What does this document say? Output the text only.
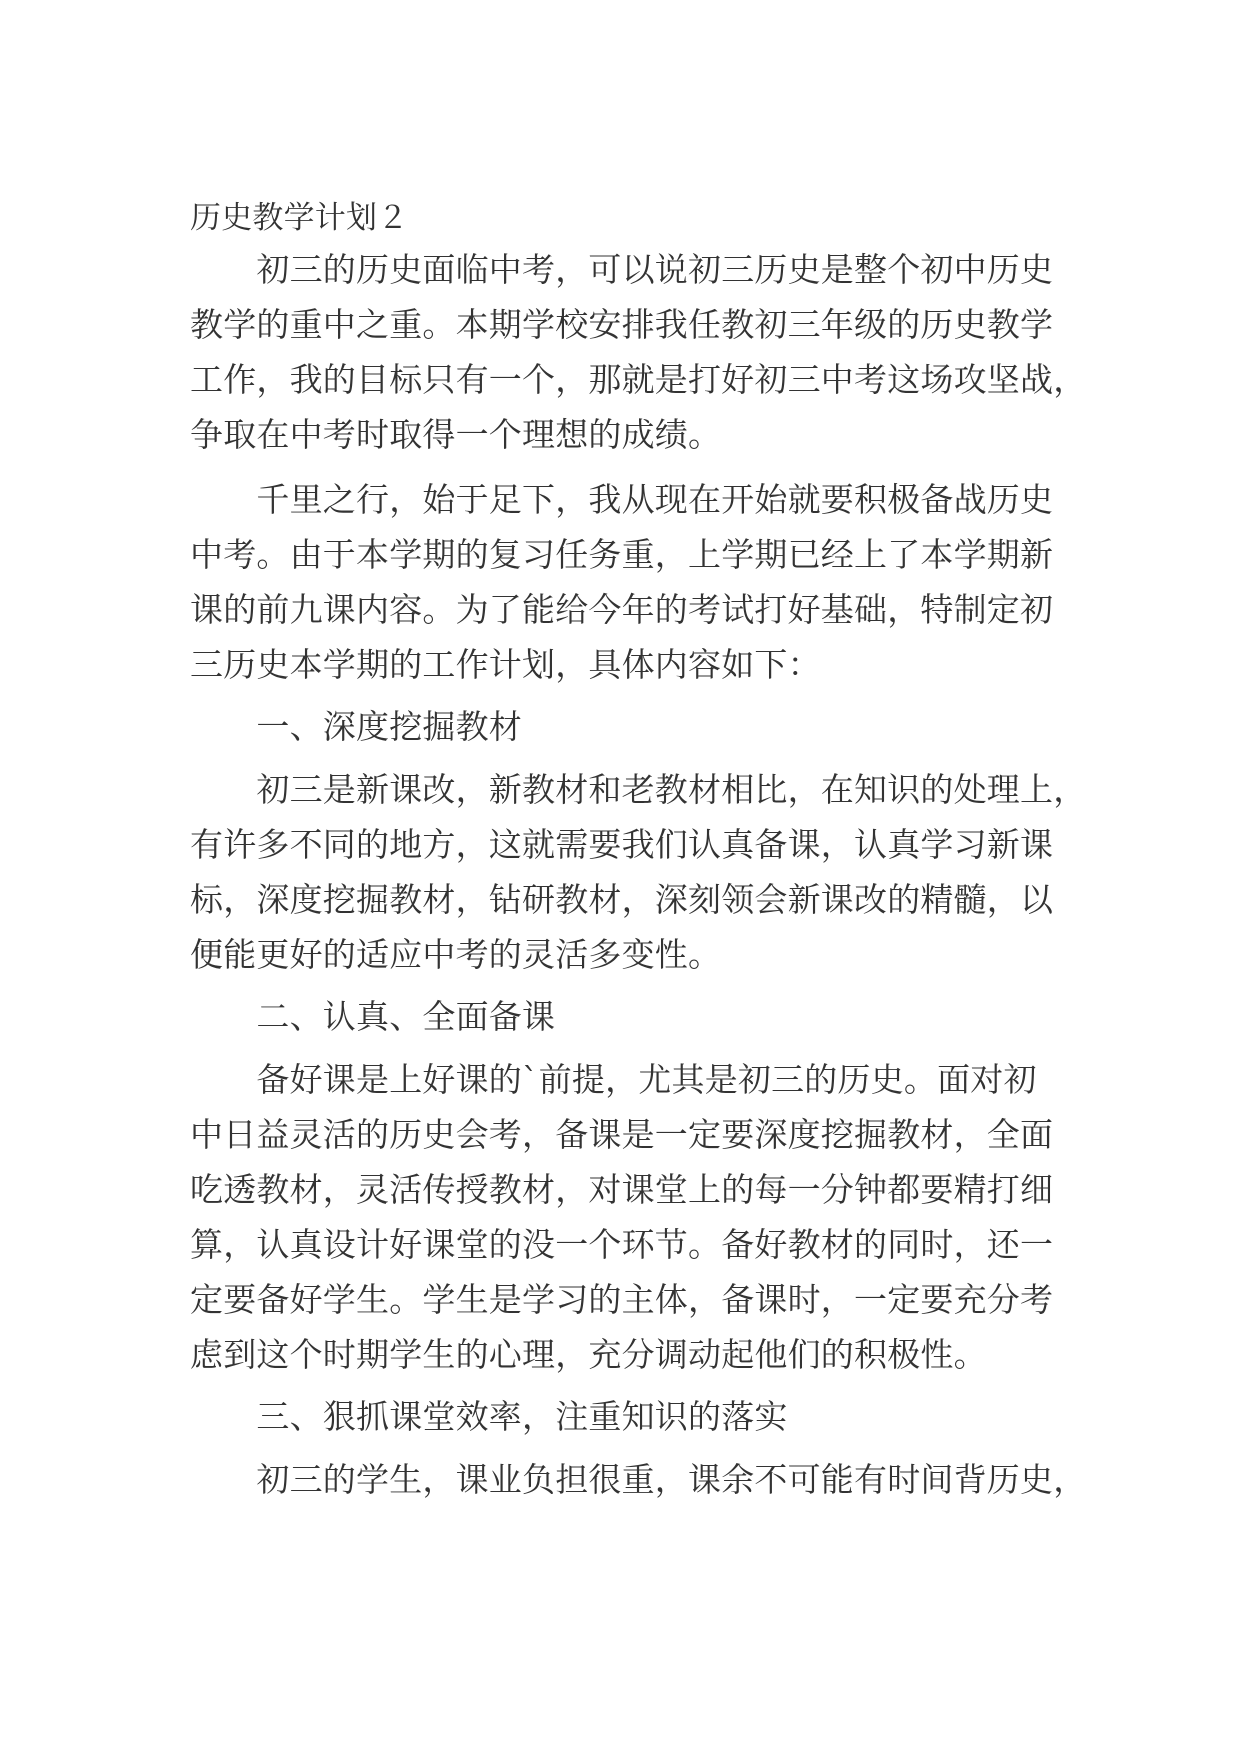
历史教学计划２
　　初三的历史面临中考，可以说初三历史是整个初中历史
教学的重中之重。本期学校安排我任教初三年级的历史教学
工作，我的目标只有一个，那就是打好初三中考这场攻坚战，
争取在中考时取得一个理想的成绩。
　　千里之行，始于足下，我从现在开始就要积极备战历史
中考。由于本学期的复习任务重，上学期已经上了本学期新
课的前九课内容。为了能给今年的考试打好基础，特制定初
三历史本学期的工作计划，具体内容如下：
　　一、深度挖掘教材
　　初三是新课改，新教材和老教材相比，在知识的处理上，
有许多不同的地方，这就需要我们认真备课，认真学习新课
标，深度挖掘教材，钻研教材，深刻领会新课改的精髓，以
便能更好的适应中考的灵活多变性。
　　二、认真、全面备课
　　备好课是上好课的`前提，尤其是初三的历史。面对初
中日益灵活的历史会考，备课是一定要深度挖掘教材，全面
吃透教材，灵活传授教材，对课堂上的每一分钟都要精打细
算，认真设计好课堂的没一个环节。备好教材的同时，还一
定要备好学生。学生是学习的主体，备课时，一定要充分考
虑到这个时期学生的心理，充分调动起他们的积极性。
　　三、狠抓课堂效率，注重知识的落实
　　初三的学生，课业负担很重，课余不可能有时间背历史，
